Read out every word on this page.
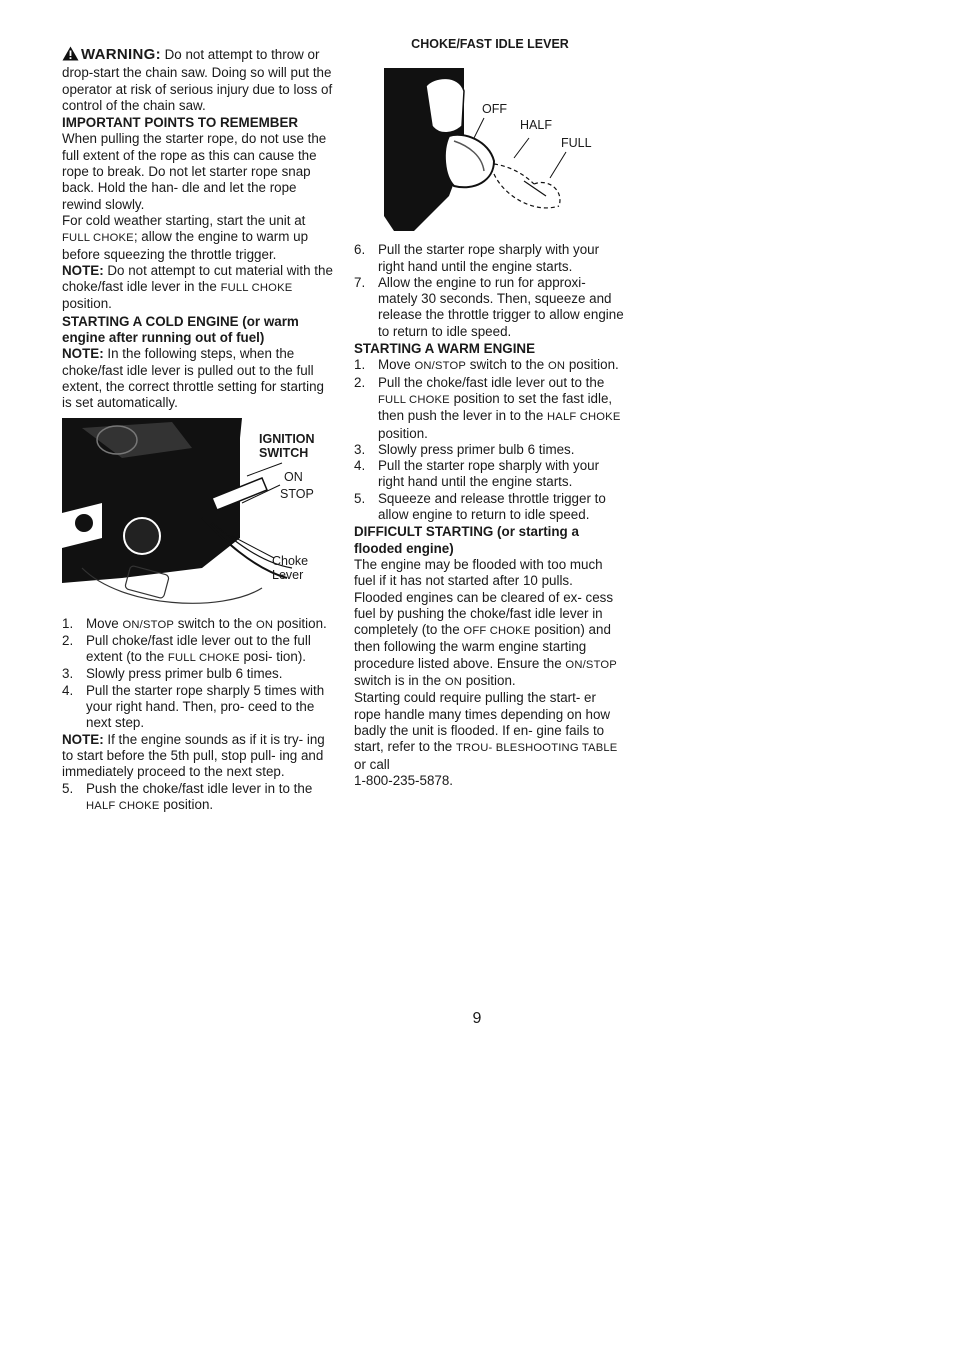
WARNING: Do not attempt to throw or drop-start the chain saw. Doing so will put the operator at risk of serious injury due to loss of control of the chain saw.

IMPORTANT POINTS TO REMEMBER

When pulling the starter rope, do not use the full extent of the rope as this can cause the rope to break. Do not let starter rope snap back. Hold the han- dle and let the rope rewind slowly.

For cold weather starting, start the unit at FULL CHOKE; allow the engine to warm up before squeezing the throttle trigger.

NOTE: Do not attempt to cut material with the choke/fast idle lever in the FULL CHOKE position.

STARTING A COLD ENGINE (or warm engine after running out of fuel)

NOTE: In the following steps, when the choke/fast idle lever is pulled out to the full extent, the correct throttle setting for starting is set automatically.

IGNITION
SWITCH
ON
STOP
Choke
Lever
1. Move ON/STOP switch to the ON position.
2. Pull choke/fast idle lever out to the full extent (to the FULL CHOKE posi- tion).
3. Slowly press primer bulb 6 times.
4. Pull the starter rope sharply 5 times with your right hand. Then, pro- ceed to the next step.

NOTE: If the engine sounds as if it is try- ing to start before the 5th pull, stop pull- ing and immediately proceed to the next step.

5. Push the choke/fast idle lever in to the HALF CHOKE position.
CHOKE/FAST IDLE LEVER
OFF
HALF
FULL
6. Pull the starter rope sharply with your right hand until the engine starts.
7. Allow the engine to run for approxi- mately 30 seconds. Then, squeeze and release the throttle trigger to allow engine to return to idle speed.

STARTING A WARM ENGINE

1. Move ON/STOP switch to the ON position.
2. Pull the choke/fast idle lever out to the FULL CHOKE position to set the fast idle, then push the lever in to the HALF CHOKE position.
3. Slowly press primer bulb 6 times.
4. Pull the starter rope sharply with your right hand until the engine starts.
5. Squeeze and release throttle trigger to allow engine to return to idle speed.

DIFFICULT STARTING (or starting a flooded engine)

The engine may be flooded with too much fuel if it has not started after 10 pulls.

Flooded engines can be cleared of ex- cess fuel by pushing the choke/fast idle lever in completely (to the OFF CHOKE position) and then following the warm engine starting procedure listed above. Ensure the ON/STOP switch is in the ON position.

Starting could require pulling the start- er rope handle many times depending on how badly the unit is flooded. If en- gine fails to start, refer to the TROU- BLESHOOTING TABLE or call
1-800-235-5878.

9
